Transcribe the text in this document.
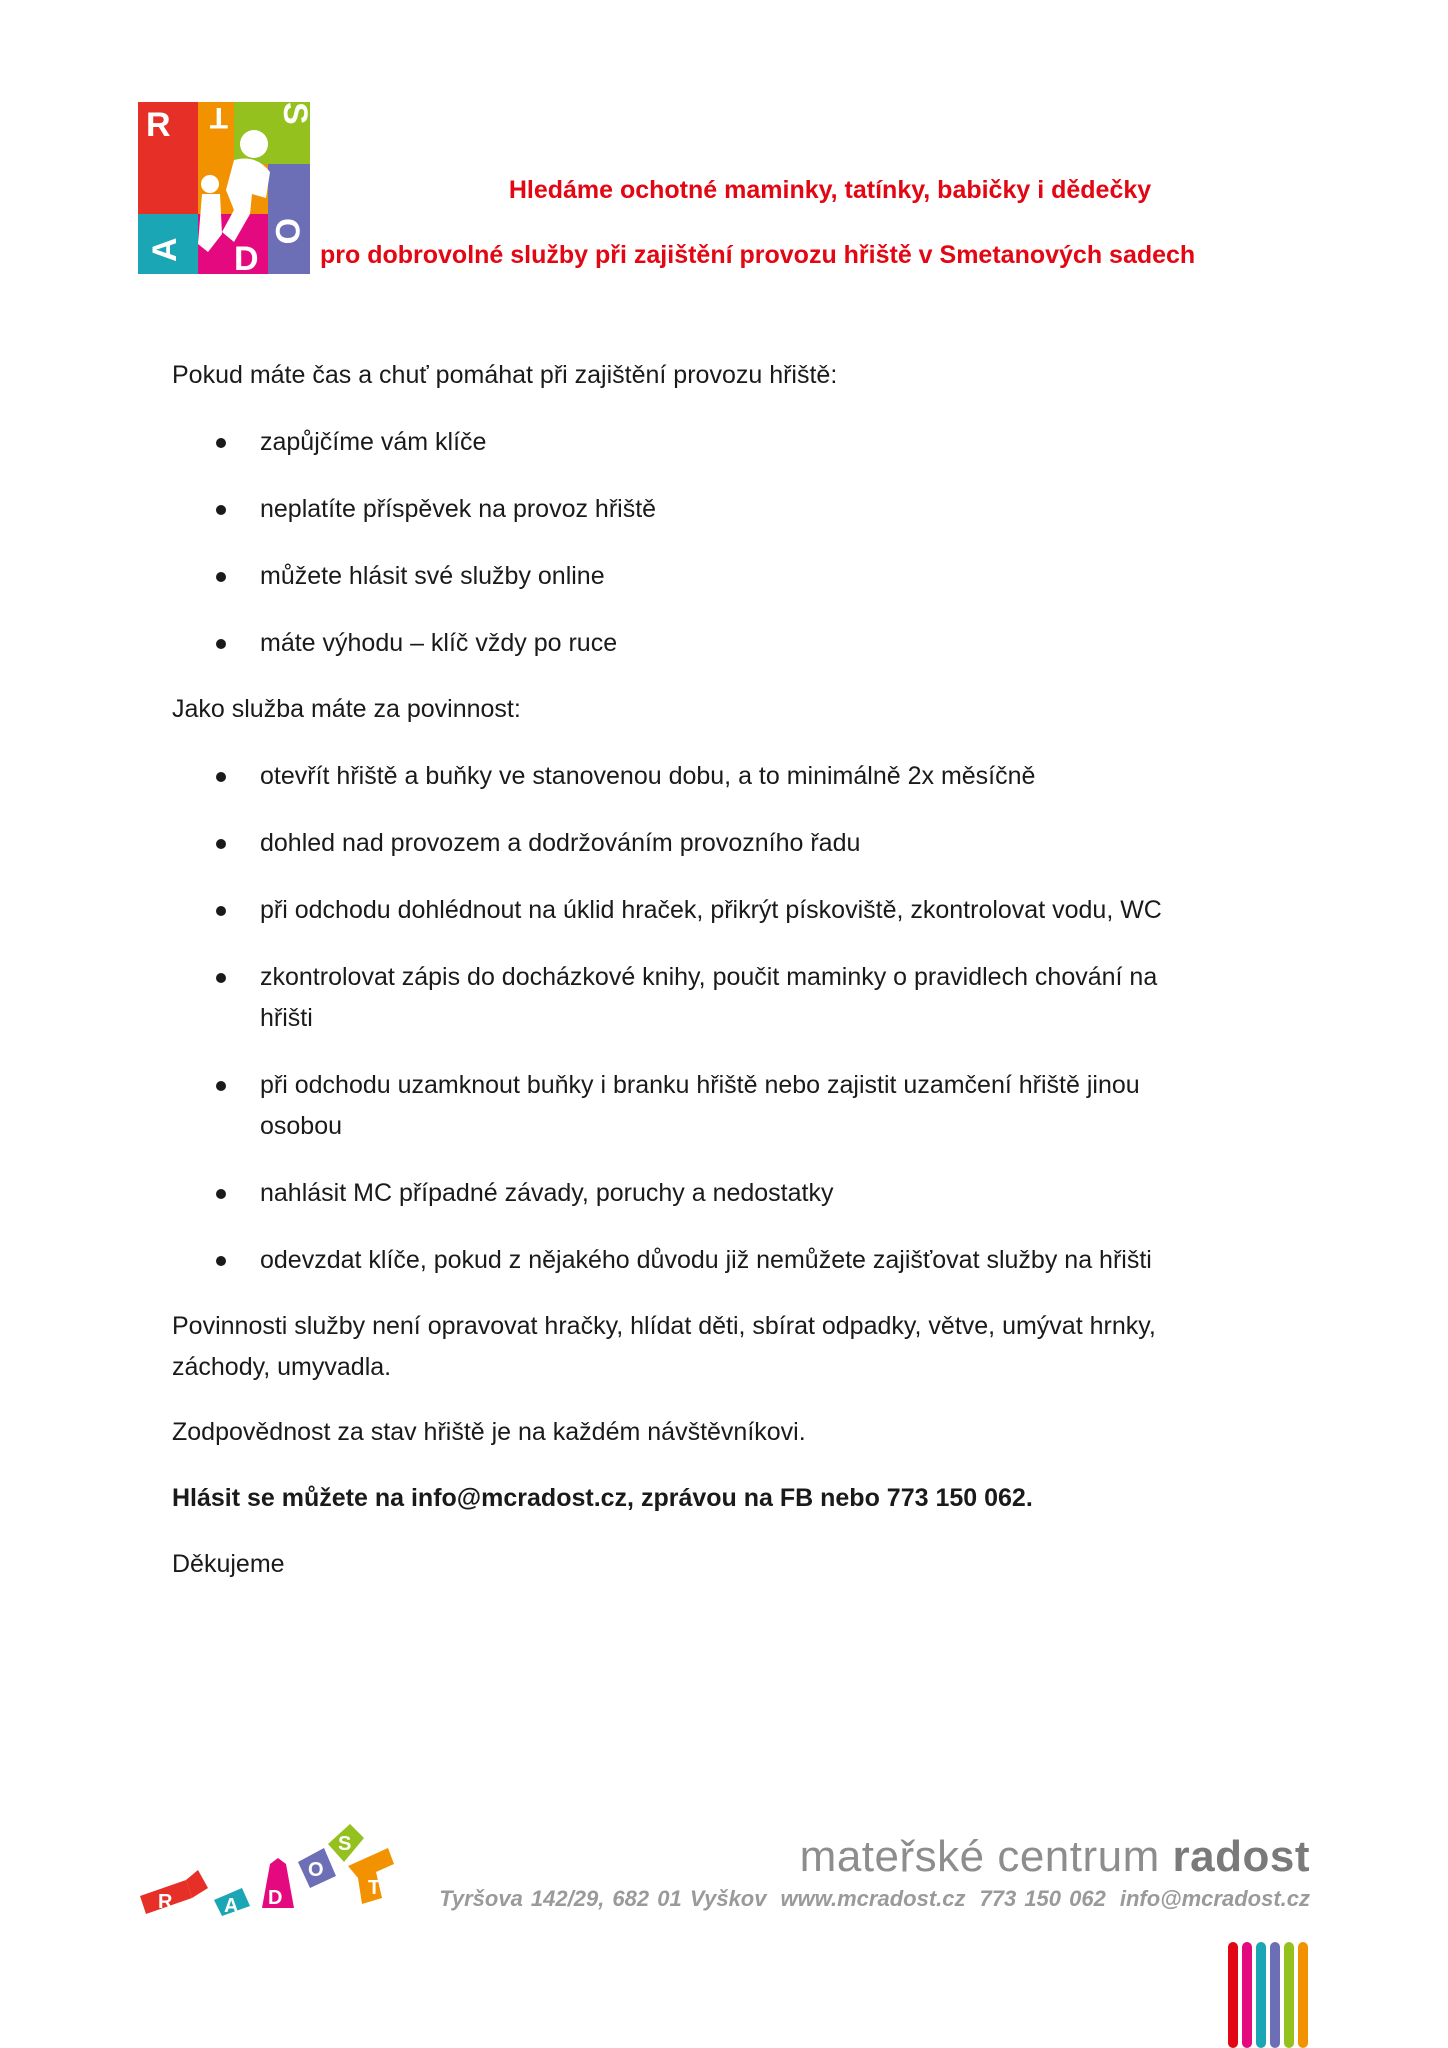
R
A D
O
S
T
Hledáme ochotné maminky, tatínky, babičky i dědečky
pro dobrovolné služby při zajištění provozu hřiště v Smetanových sadech
Pokud máte čas a chuť pomáhat při zajištění provozu hřiště:
zapůjčíme vám klíče
neplatíte příspěvek na provoz hřiště
můžete hlásit své služby online
máte výhodu – klíč vždy po ruce
Jako služba máte za povinnost:
otevřít hřiště a buňky ve stanovenou dobu, a to minimálně 2x měsíčně
dohled nad provozem a dodržováním provozního řadu
při odchodu dohlédnout na úklid hraček, přikrýt pískoviště, zkontrolovat vodu, WC
zkontrolovat zápis do docházkové knihy, poučit maminky o pravidlech chování na hřišti
při odchodu uzamknout buňky i branku hřiště nebo zajistit uzamčení hřiště jinou osobou
nahlásit MC případné závady, poruchy a nedostatky
odevzdat klíče, pokud z nějakého důvodu již nemůžete zajišťovat služby na hřišti
Povinnosti služby není opravovat hračky, hlídat děti, sbírat odpadky, větve, umývat hrnky, záchody, umyvadla.
Zodpovědnost za stav hřiště je na každém návštěvníkovi.
Hlásit se můžete na info@mcradost.cz, zprávou na FB nebo 773 150 062.
Děkujeme
R	A D
O
S
T
mateřské centrum radost
Tyršova 142/29, 682 01 Vyškov www.mcradost.cz 773 150 062 info@mcradost.cz
